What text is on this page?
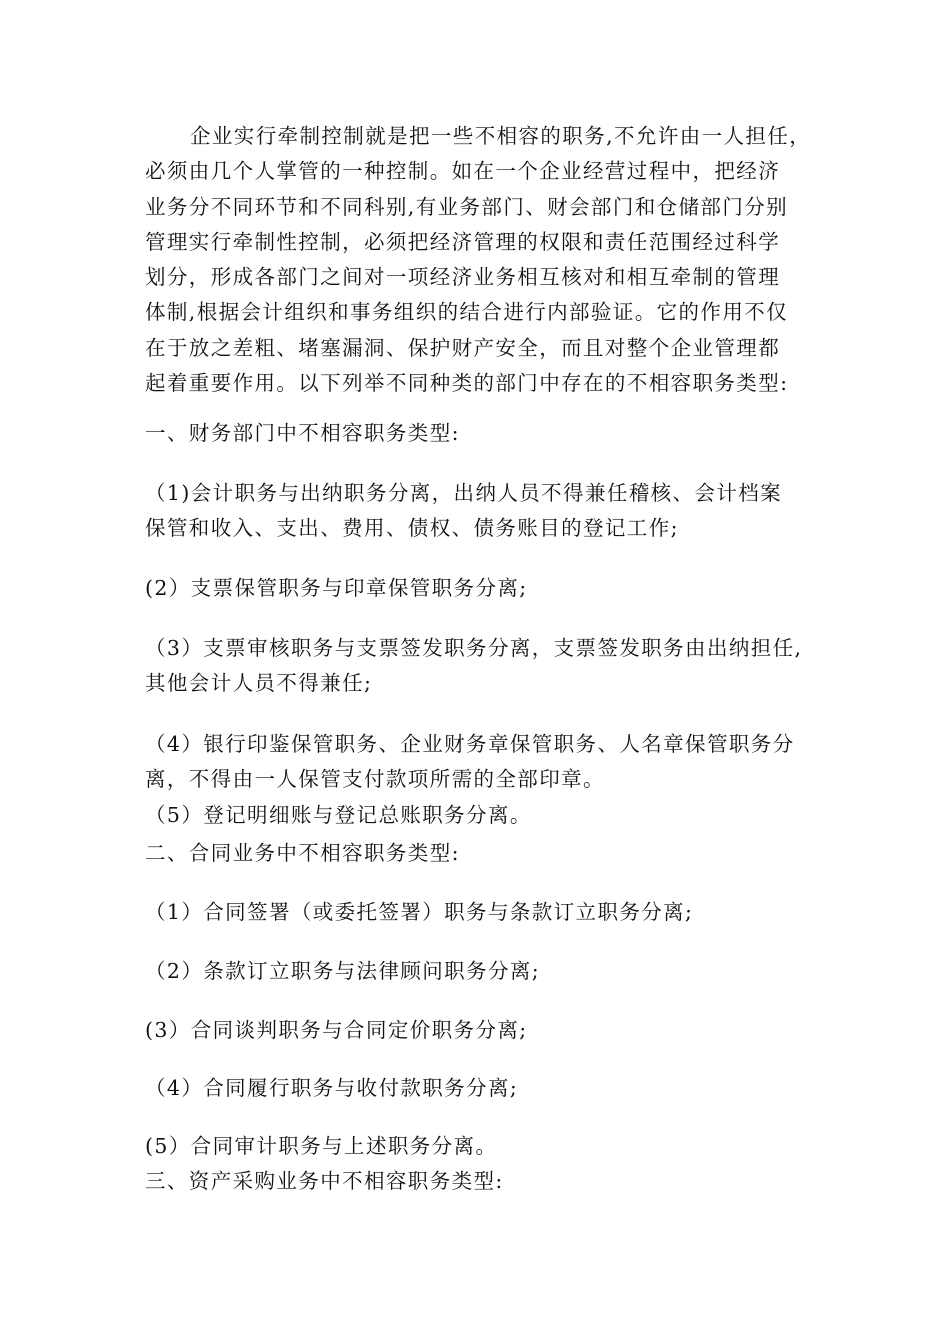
企业实行牵制控制就是把一些不相容的职务,不允许由一人担任，
必须由几个人掌管的一种控制。如在一个企业经营过程中，把经济
业务分不同环节和不同科别,有业务部门、财会部门和仓储部门分别
管理实行牵制性控制，必须把经济管理的权限和责任范围经过科学
划分，形成各部门之间对一项经济业务相互核对和相互牵制的管理
体制,根据会计组织和事务组织的结合进行内部验证。它的作用不仅
在于放之差粗、堵塞漏洞、保护财产安全，而且对整个企业管理都
起着重要作用。以下列举不同种类的部门中存在的不相容职务类型:
一、财务部门中不相容职务类型:
（1)会计职务与出纳职务分离，出纳人员不得兼任稽核、会计档案
保管和收入、支出、费用、债权、债务账目的登记工作;
(2）支票保管职务与印章保管职务分离;
（3）支票审核职务与支票签发职务分离，支票签发职务由出纳担任,
其他会计人员不得兼任;
（4）银行印鉴保管职务、企业财务章保管职务、人名章保管职务分
离，不得由一人保管支付款项所需的全部印章。
（5）登记明细账与登记总账职务分离。
二、合同业务中不相容职务类型:
（1）合同签署（或委托签署）职务与条款订立职务分离;
（2）条款订立职务与法律顾问职务分离;
(3）合同谈判职务与合同定价职务分离;
（4）合同履行职务与收付款职务分离;
(5）合同审计职务与上述职务分离。
三、资产采购业务中不相容职务类型:
